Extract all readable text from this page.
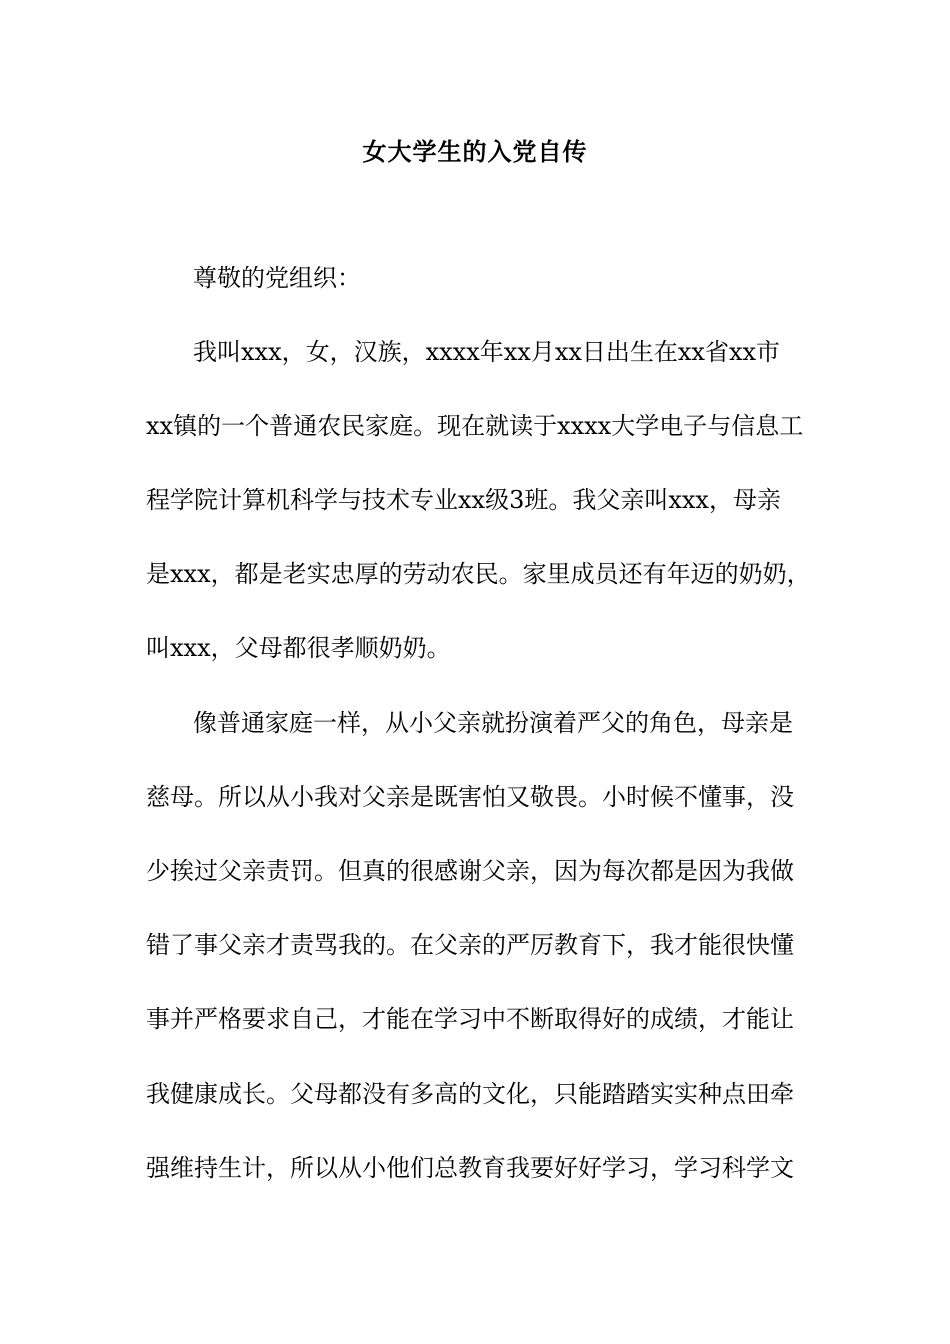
女大学生的入党自传
尊敬的党组织：
我叫xxx，女，汉族，xxxx年xx月xx日出生在xx省xx市
xx镇的一个普通农民家庭。现在就读于xxxx大学电子与信息工
程学院计算机科学与技术专业xx级3班。我父亲叫xxx，母亲
是xxx，都是老实忠厚的劳动农民。家里成员还有年迈的奶奶，
叫xxx，父母都很孝顺奶奶。
像普通家庭一样，从小父亲就扮演着严父的角色，母亲是
慈母。所以从小我对父亲是既害怕又敬畏。小时候不懂事，没
少挨过父亲责罚。但真的很感谢父亲，因为每次都是因为我做
错了事父亲才责骂我的。在父亲的严厉教育下，我才能很快懂
事并严格要求自己，才能在学习中不断取得好的成绩，才能让
我健康成长。父母都没有多高的文化，只能踏踏实实种点田牵
强维持生计，所以从小他们总教育我要好好学习，学习科学文
